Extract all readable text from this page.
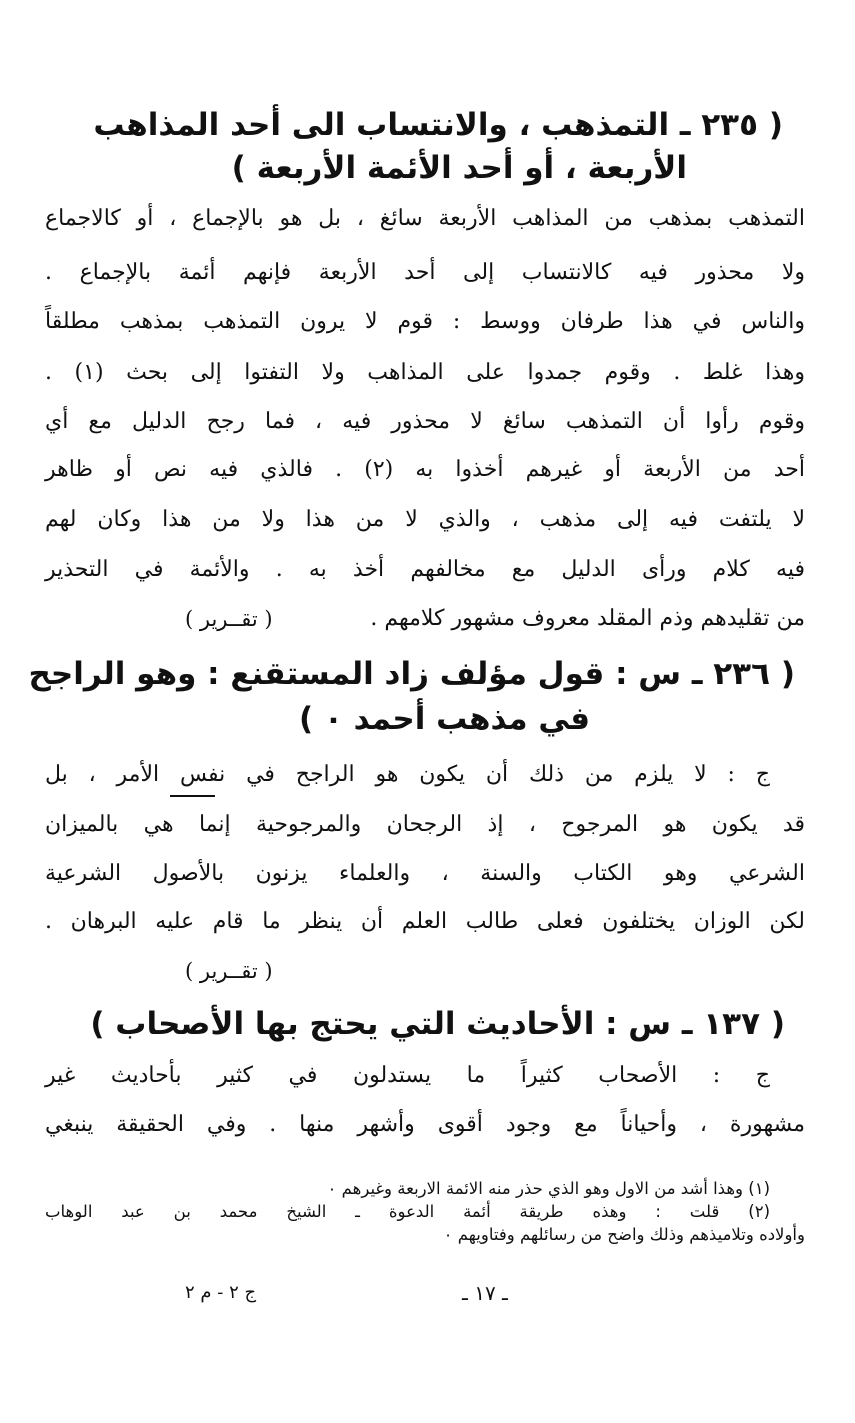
( ٢٣٥ ـ التمذهب ، والانتساب الى أحد المذاهب
الأربعة ، أو أحد الأئمة الأربعة )
التمذهب بمذهب من المذاهب الأربعة سائغ ، بل هو بالإجماع ، أو كالاجماع
ولا محذور فيه كالانتساب إلى أحد الأربعة فإنهم أئمة بالإجماع .
والناس في هذا طرفان ووسط : قوم لا يرون التمذهب بمذهب مطلقاً
وهذا غلط . وقوم جمدوا على المذاهب ولا التفتوا إلى بحث (١) .
وقوم رأوا أن التمذهب سائغ لا محذور فيه ، فما رجح الدليل مع أي
أحد من الأربعة أو غيرهم أخذوا به (٢) . فالذي فيه نص أو ظاهر
لا يلتفت فيه إلى مذهب ، والذي لا من هذا ولا من هذا وكان لهم
فيه كلام ورأى الدليل مع مخالفهم أخذ به . والأئمة في التحذير
من تقليدهم وذم المقلد معروف مشهور كلامهم .
( تقــرير )
( ٢٣٦ ـ س : قول مؤلف زاد المستقنع : وهو الراجح
في مذهب أحمد ٠ )
ج : لا يلزم من ذلك أن يكون هو الراجح في نفس الأمر ، بل
قد يكون هو المرجوح ، إذ الرجحان والمرجوحية إنما هي بالميزان
الشرعي وهو الكتاب والسنة ، والعلماء يزنون بالأصول الشرعية
لكن الوزان يختلفون فعلى طالب العلم أن ينظر ما قام عليه البرهان .
( تقــرير )
( ١٣٧ ـ س : الأحاديث التي يحتج بها الأصحاب )
ج : الأصحاب كثيراً ما يستدلون في كثير بأحاديث غير
مشهورة ، وأحياناً مع وجود أقوى وأشهر منها . وفي الحقيقة ينبغي
(١) وهذا أشد من الاول وهو الذي حذر منه الائمة الاربعة وغيرهم ٠
(٢) قلت : وهذه طريقة أئمة الدعوة ـ الشيخ محمد بن عبد الوهاب
وأولاده وتلاميذهم وذلك واضح من رسائلهم وفتاويهم ٠
ـ ١٧ ـ
ج ٢ - م ٢
